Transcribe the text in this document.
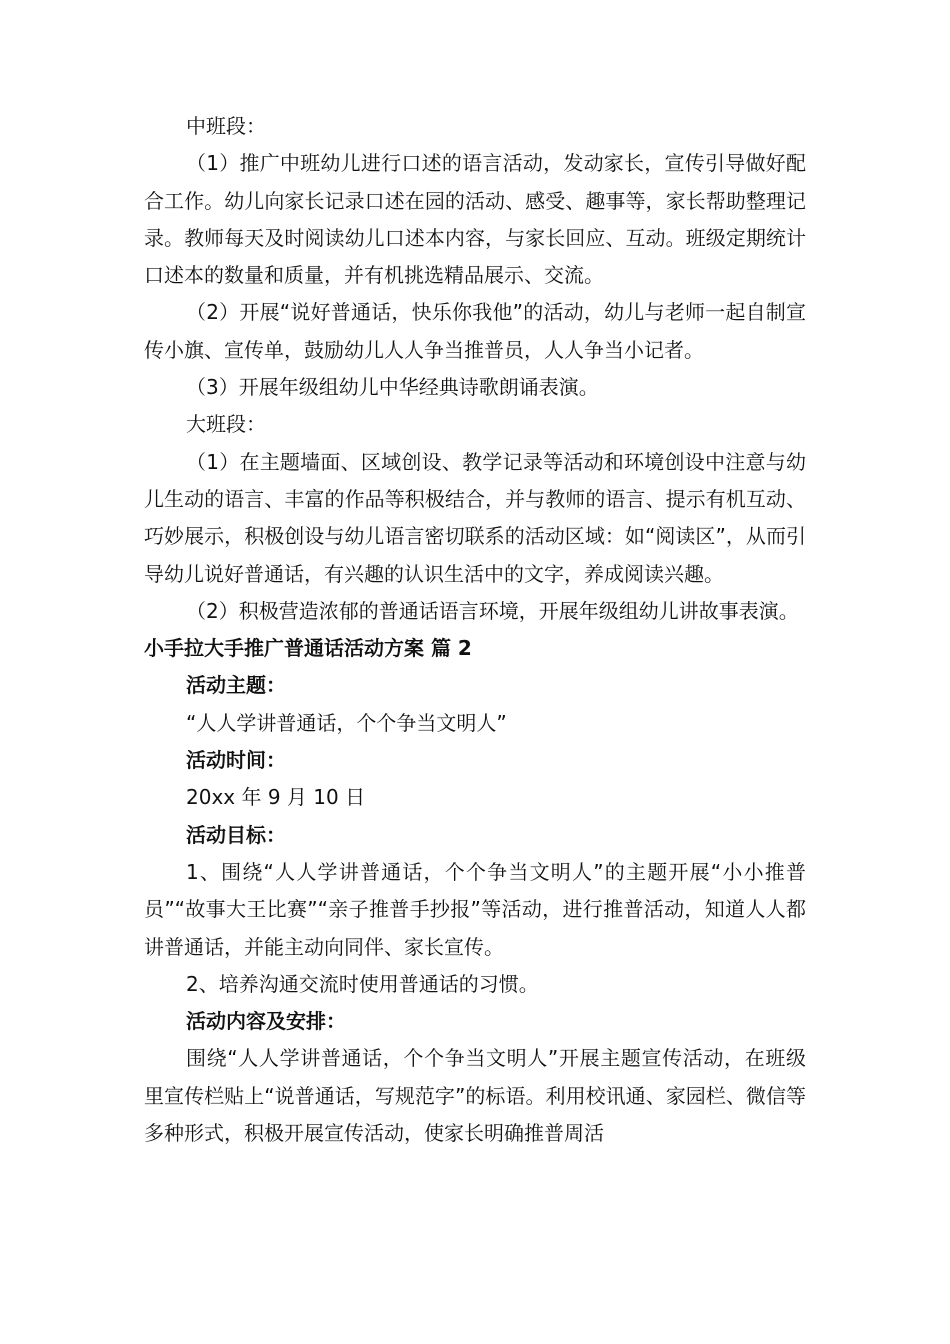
中班段：

（1）推广中班幼儿进行口述的语言活动，发动家长，宣传引导做好配合工作。幼儿向家长记录口述在园的活动、感受、趣事等，家长帮助整理记录。教师每天及时阅读幼儿口述本内容，与家长回应、互动。班级定期统计口述本的数量和质量，并有机挑选精品展示、交流。

（2）开展“说好普通话，快乐你我他”的活动，幼儿与老师一起自制宣传小旗、宣传单，鼓励幼儿人人争当推普员，人人争当小记者。

（3）开展年级组幼儿中华经典诗歌朗诵表演。

大班段：

（1）在主题墙面、区域创设、教学记录等活动和环境创设中注意与幼儿生动的语言、丰富的作品等积极结合，并与教师的语言、提示有机互动、巧妙展示，积极创设与幼儿语言密切联系的活动区域：如“阅读区”，从而引导幼儿说好普通话，有兴趣的认识生活中的文字，养成阅读兴趣。

（2）积极营造浓郁的普通话语言环境，开展年级组幼儿讲故事表演。

小手拉大手推广普通话活动方案 篇 2

活动主题：

“人人学讲普通话，个个争当文明人”

活动时间：

20xx 年 9 月 10 日

活动目标：

1、围绕“人人学讲普通话，个个争当文明人”的主题开展“小小推普员”“故事大王比赛”“亲子推普手抄报”等活动，进行推普活动，知道人人都讲普通话，并能主动向同伴、家长宣传。

2、培养沟通交流时使用普通话的习惯。

活动内容及安排：

围绕“人人学讲普通话，个个争当文明人”开展主题宣传活动，在班级里宣传栏贴上“说普通话，写规范字”的标语。利用校讯通、家园栏、微信等多种形式，积极开展宣传活动，使家长明确推普周活
